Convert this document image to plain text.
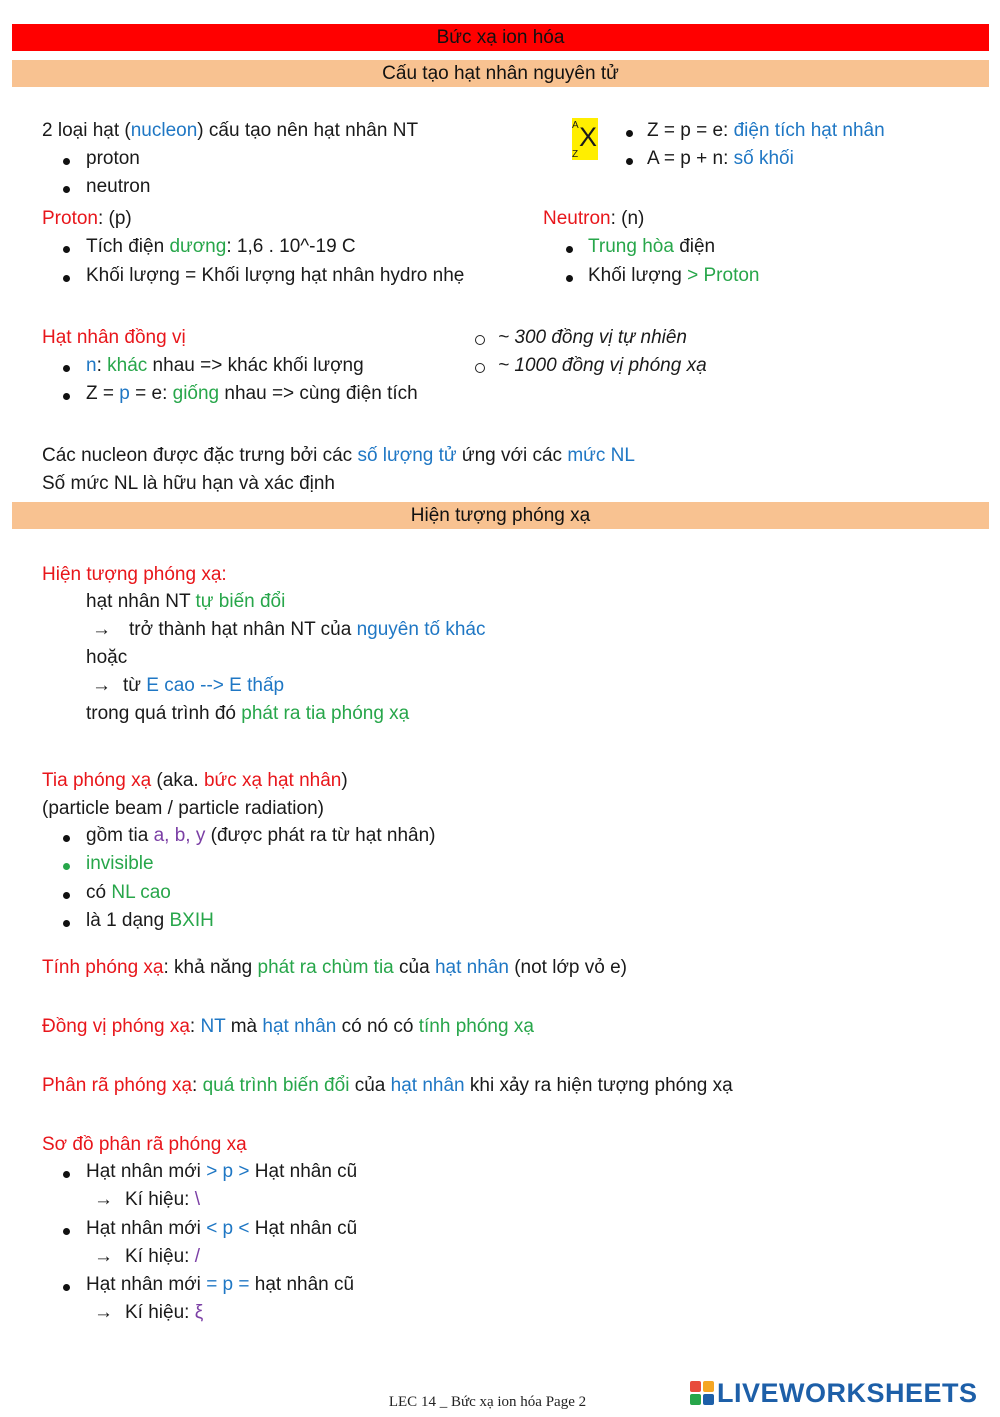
Bức xạ ion hóa
Cấu tạo hạt nhân nguyên tử
2 loại hạt (nucleon) cấu tạo nên hạt nhân NT
proton
neutron
A X
Z
Z = p = e: điện tích hạt nhân
A = p + n: số khối
Proton: (p)
Tích điện dương: 1,6 . 10^-19 C
Khối lượng = Khối lượng hạt nhân hydro nhẹ
Neutron: (n)
Trung hòa điện
Khối lượng > Proton
Hạt nhân đồng vị
n: khác nhau => khác khối lượng
Z = p = e: giống nhau => cùng điện tích
~ 300 đồng vị tự nhiên
~ 1000 đồng vị phóng xạ
Các nucleon được đặc trưng bởi các số lượng tử ứng với các mức NL
Số mức NL là hữu hạn và xác định
Hiện tượng phóng xạ
Hiện tượng phóng xạ:
hạt nhân NT tự biến đổi
→ trở thành hạt nhân NT của nguyên tố khác
hoặc
→ từ E cao --> E thấp
trong quá trình đó phát ra tia phóng xạ
Tia phóng xạ (aka. bức xạ hạt nhân)
(particle beam / particle radiation)
gồm tia a, b, y (được phát ra từ hạt nhân)
invisible
có NL cao
là 1 dạng BXIH
Tính phóng xạ: khả năng phát ra chùm tia của hạt nhân (not lớp vỏ e)
Đồng vị phóng xạ: NT mà hạt nhân có nó có tính phóng xạ
Phân rã phóng xạ: quá trình biến đổi của hạt nhân khi xảy ra hiện tượng phóng xạ
Sơ đồ phân rã phóng xạ
Hạt nhân mới > p > Hạt nhân cũ
→ Kí hiệu: \
Hạt nhân mới < p < Hạt nhân cũ
→ Kí hiệu: /
Hạt nhân mới = p = hạt nhân cũ
→ Kí hiệu: ξ
LEC 14 _ Bức xạ ion hóa Page 2	LIVEWORKSHEETS
